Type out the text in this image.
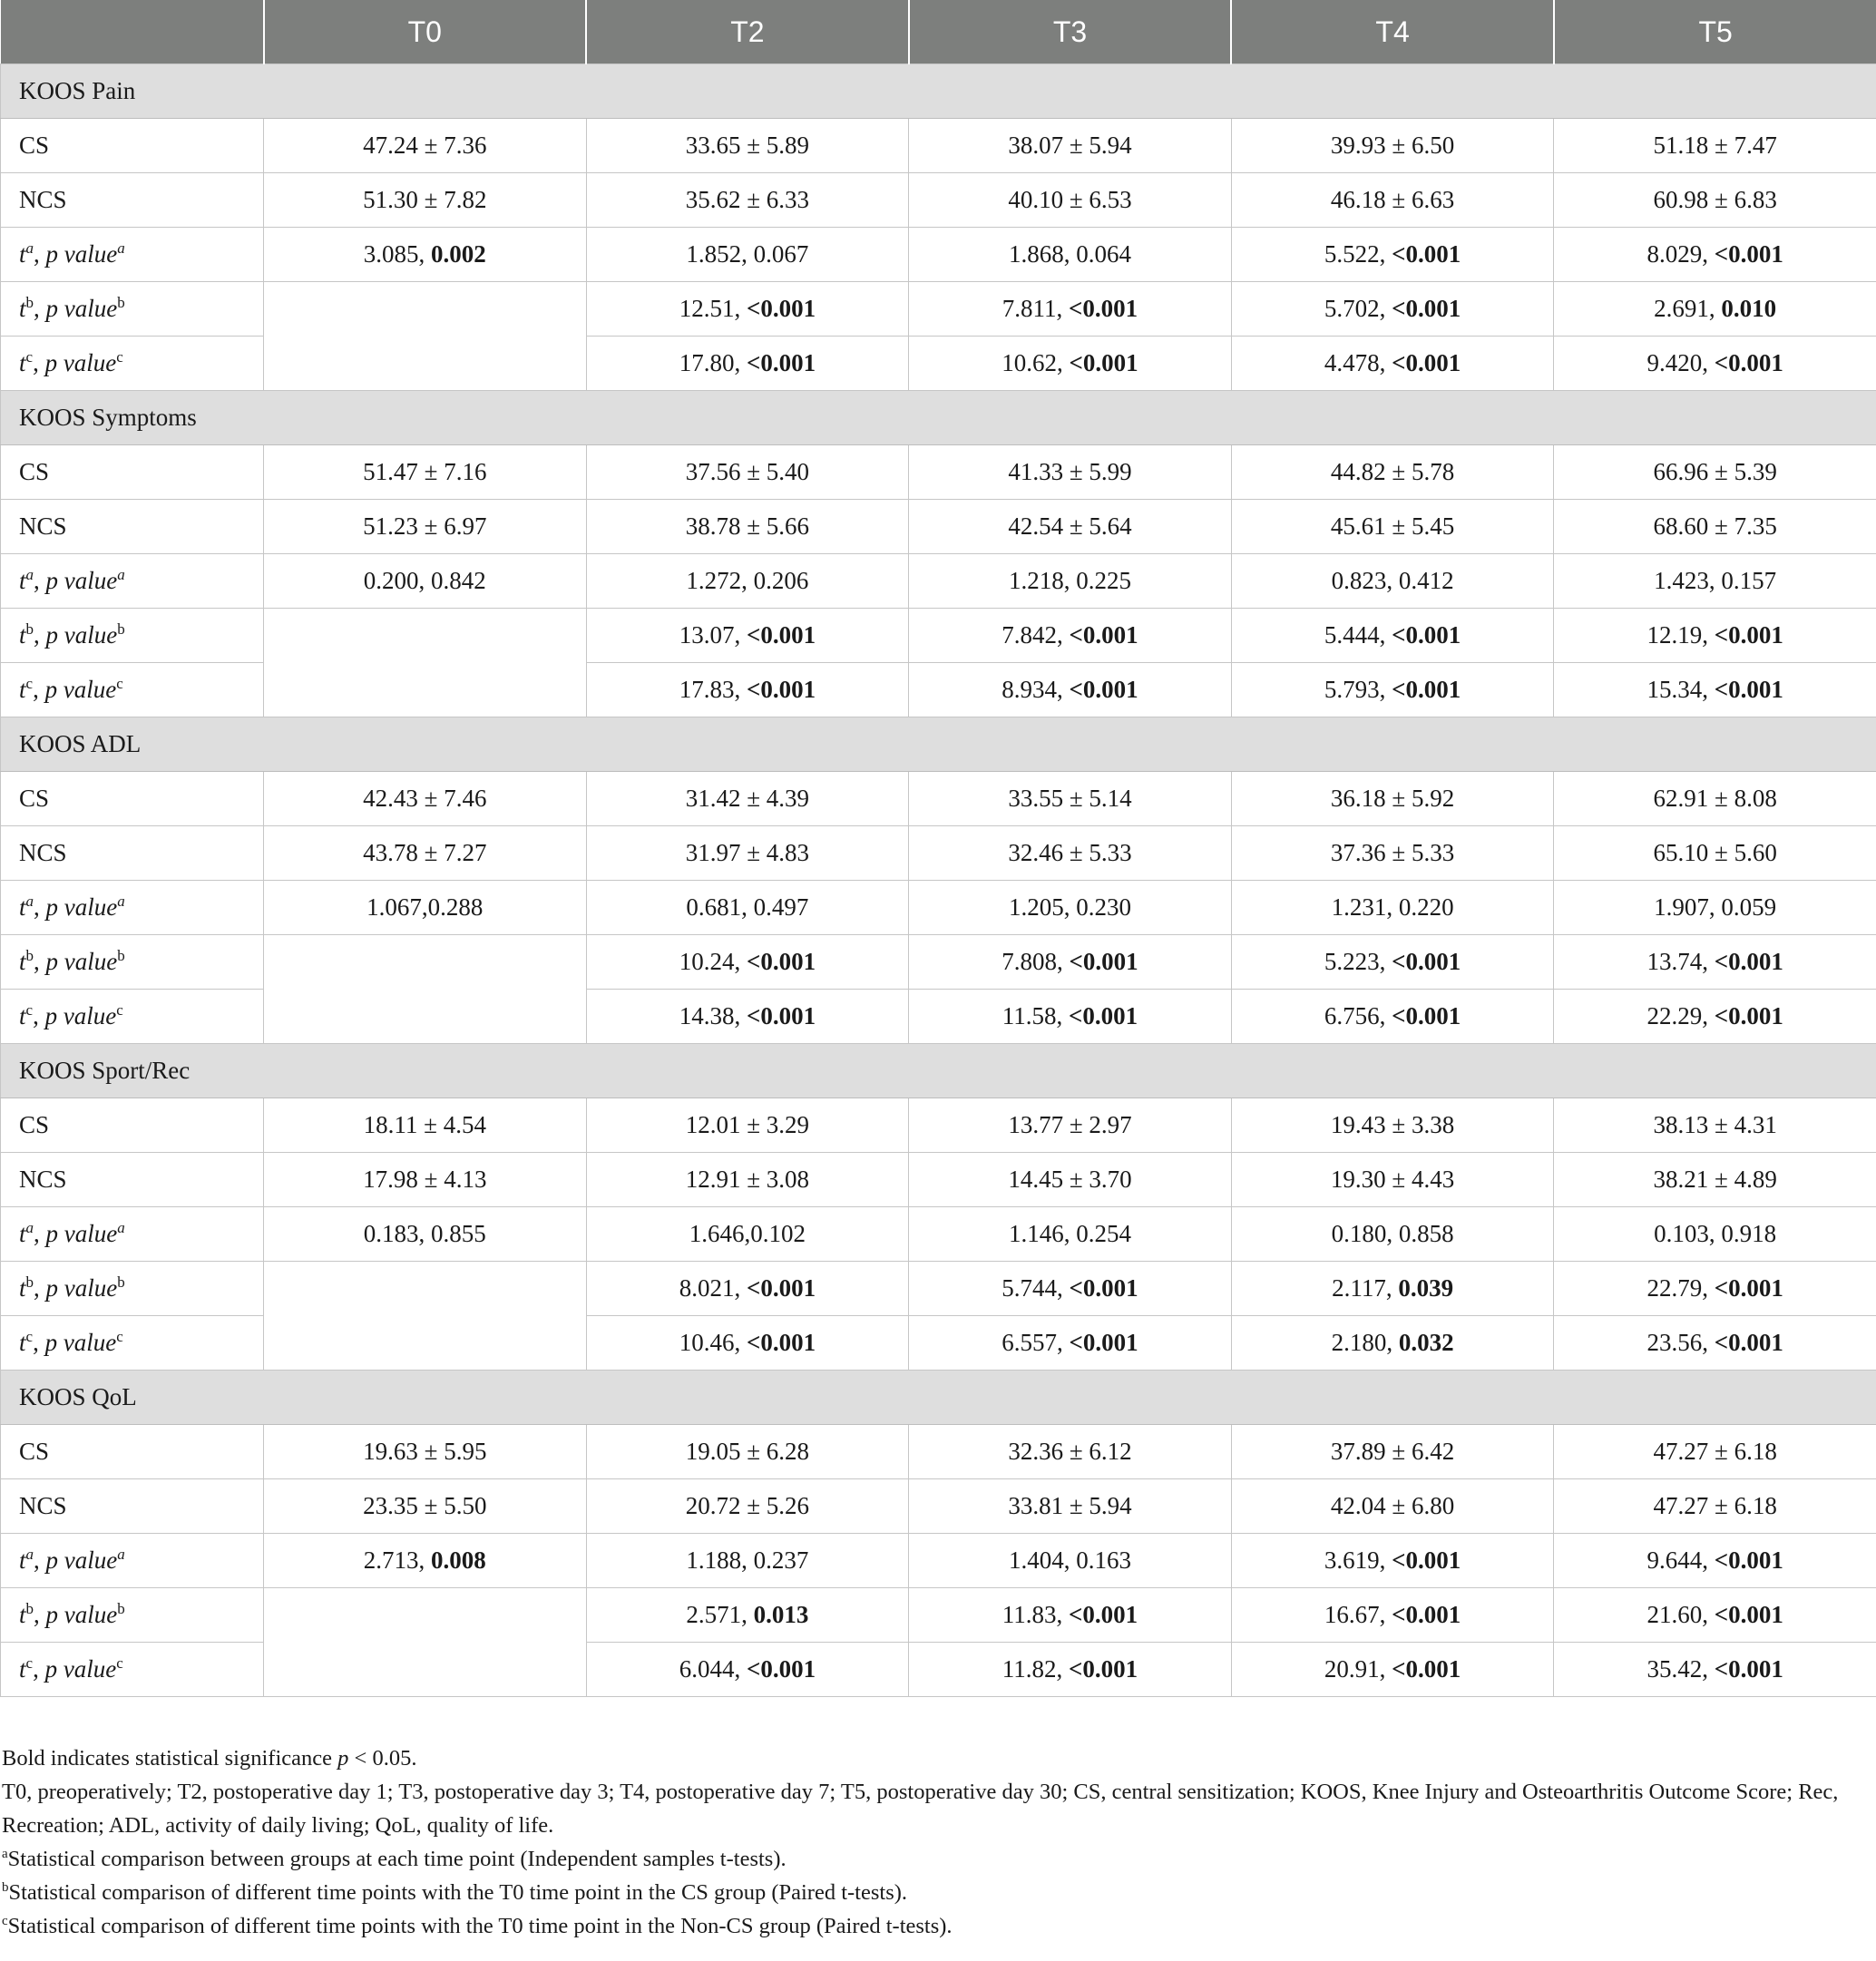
	T0	T2	T3	T4	T5
KOOS Pain					
CS	47.24 ± 7.36	33.65 ± 5.89	38.07 ± 5.94	39.93 ± 6.50	51.18 ± 7.47
NCS	51.30 ± 7.82	35.62 ± 6.33	40.10 ± 6.53	46.18 ± 6.63	60.98 ± 6.83
$t^a$, p value$^a$	3.085, 0.002	1.852, 0.067	1.868, 0.064	5.522, <0.001	8.029, <0.001
$t^b$, p value$^b$		12.51, <0.001	7.811, <0.001	5.702, <0.001	2.691, 0.010
$t^c$, p value$^c$		17.80, <0.001	10.62, <0.001	4.478, <0.001	9.420, <0.001
KOOS Symptoms					
CS	51.47 ± 7.16	37.56 ± 5.40	41.33 ± 5.99	44.82 ± 5.78	66.96 ± 5.39
NCS	51.23 ± 6.97	38.78 ± 5.66	42.54 ± 5.64	45.61 ± 5.45	68.60 ± 7.35
$t^a$, p value$^a$	0.200, 0.842	1.272, 0.206	1.218, 0.225	0.823, 0.412	1.423, 0.157
$t^b$, p value$^b$		13.07, <0.001	7.842, <0.001	5.444, <0.001	12.19, <0.001
$t^c$, p value$^c$		17.83, <0.001	8.934, <0.001	5.793, <0.001	15.34, <0.001
KOOS ADL					
CS	42.43 ± 7.46	31.42 ± 4.39	33.55 ± 5.14	36.18 ± 5.92	62.91 ± 8.08
NCS	43.78 ± 7.27	31.97 ± 4.83	32.46 ± 5.33	37.36 ± 5.33	65.10 ± 5.60
$t^a$, p value$^a$	1.067,0.288	0.681, 0.497	1.205, 0.230	1.231, 0.220	1.907, 0.059
$t^b$, p value$^b$		10.24, <0.001	7.808, <0.001	5.223, <0.001	13.74, <0.001
$t^c$, p value$^c$		14.38, <0.001	11.58, <0.001	6.756, <0.001	22.29, <0.001
KOOS Sport/Rec					
CS	18.11 ± 4.54	12.01 ± 3.29	13.77 ± 2.97	19.43 ± 3.38	38.13 ± 4.31
NCS	17.98 ± 4.13	12.91 ± 3.08	14.45 ± 3.70	19.30 ± 4.43	38.21 ± 4.89
$t^a$, p value$^a$	0.183, 0.855	1.646,0.102	1.146, 0.254	0.180, 0.858	0.103, 0.918
$t^b$, p value$^b$		8.021, <0.001	5.744, <0.001	2.117, 0.039	22.79, <0.001
$t^c$, p value$^c$		10.46, <0.001	6.557, <0.001	2.180, 0.032	23.56, <0.001
KOOS QoL					
CS	19.63 ± 5.95	19.05 ± 6.28	32.36 ± 6.12	37.89 ± 6.42	47.27 ± 6.18
NCS	23.35 ± 5.50	20.72 ± 5.26	33.81 ± 5.94	42.04 ± 6.80	47.27 ± 6.18
$t^a$, p value$^a$	2.713, 0.008	1.188, 0.237	1.404, 0.163	3.619, <0.001	9.644, <0.001
$t^b$, p value$^b$		2.571, 0.013	11.83, <0.001	16.67, <0.001	21.60, <0.001
$t^c$, p value$^c$		6.044, <0.001	11.82, <0.001	20.91, <0.001	35.42, <0.001

Bold indicates statistical significance p < 0.05.

T0, preoperatively; T2, postoperative day 1; T3, postoperative day 3; T4, postoperative day 7; T5, postoperative day 30; CS, central sensitization; KOOS, Knee Injury and Osteoarthritis Outcome Score; Rec, Recreation; ADL, activity of daily living; QoL, quality of life.

$^a$Statistical comparison between groups at each time point (Independent samples t-tests).

$^b$Statistical comparison of different time points with the T0 time point in the CS group (Paired t-tests).

$^c$Statistical comparison of different time points with the T0 time point in the Non-CS group (Paired t-tests).
